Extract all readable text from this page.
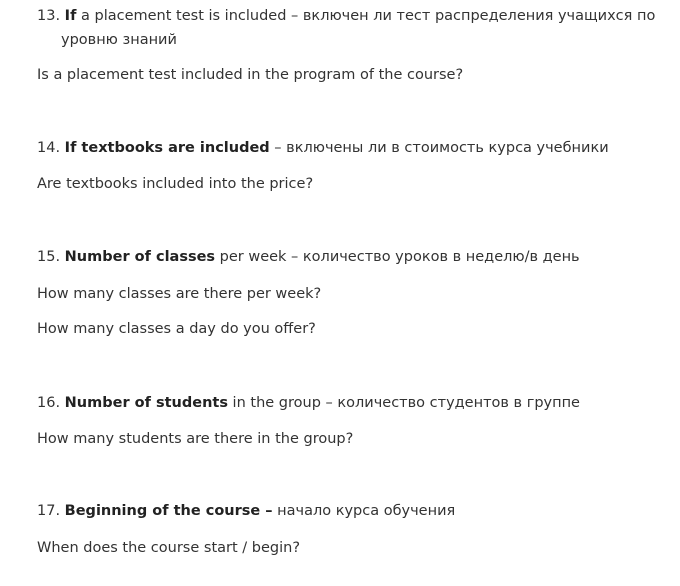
13. If a placement test is included – включен ли тест распределения учащихся по
уровню знаний
Is a placement test included in the program of the course?
14. If textbooks are included – включены ли в стоимость курса учебники
Are textbooks included into the price?
15. Number of classes per week – количество уроков в неделю/в день
How many classes are there per week?
How many classes a day do you offer?
16. Number of students in the group – количество студентов в группе
How many students are there in the group?
17. Beginning of the course – начало курса обучения
When does the course start / begin?
